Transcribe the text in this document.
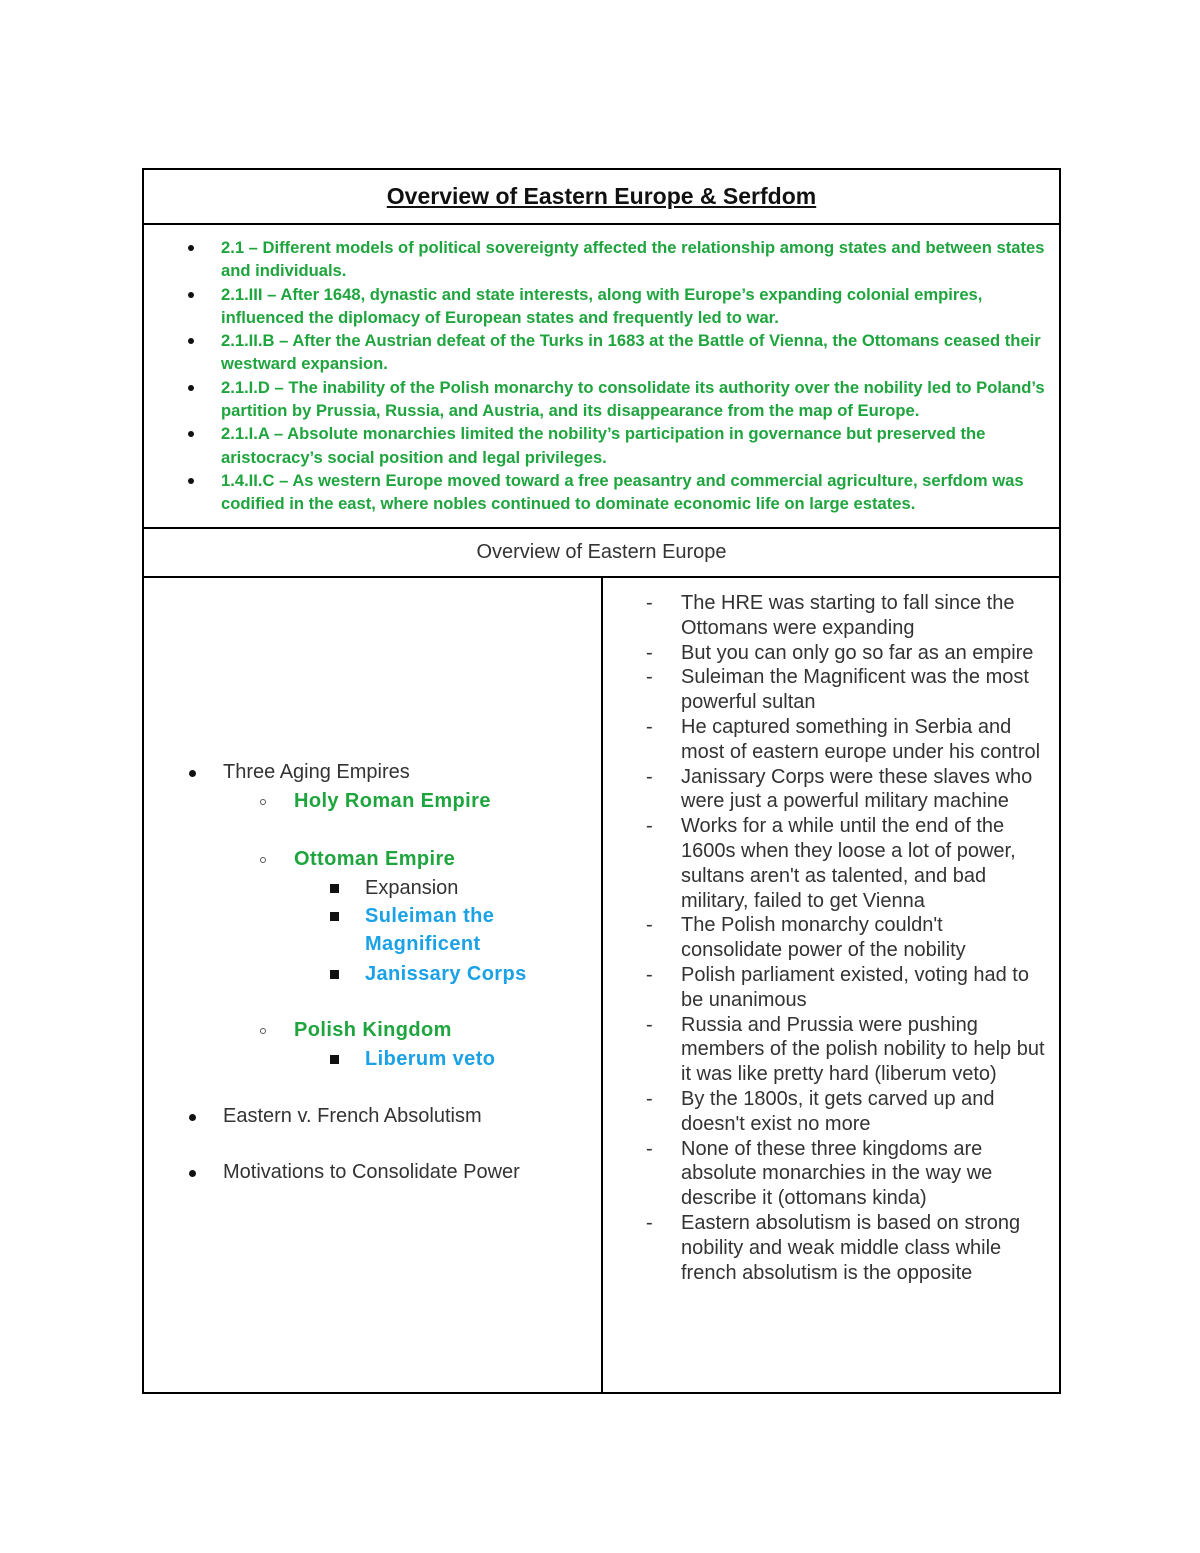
Overview of Eastern Europe & Serfdom
2.1 – Different models of political sovereignty affected the relationship among states and between states and individuals.
2.1.III – After 1648, dynastic and state interests, along with Europe’s expanding colonial empires, influenced the diplomacy of European states and frequently led to war.
2.1.II.B – After the Austrian defeat of the Turks in 1683 at the Battle of Vienna, the Ottomans ceased their westward expansion.
2.1.I.D – The inability of the Polish monarchy to consolidate its authority over the nobility led to Poland’s partition by Prussia, Russia, and Austria, and its disappearance from the map of Europe.
2.1.I.A – Absolute monarchies limited the nobility’s participation in governance but preserved the aristocracy’s social position and legal privileges.
1.4.II.C – As western Europe moved toward a free peasantry and commercial agriculture, serfdom was codified in the east, where nobles continued to dominate economic life on large estates.
Overview of Eastern Europe
Three Aging Empires
Holy Roman Empire
Ottoman Empire
Expansion
Suleiman the
Magnificent
Janissary Corps
Polish Kingdom
Liberum veto
Eastern v. French Absolutism
Motivations to Consolidate Power
- The HRE was starting to fall since the Ottomans were expanding
- But you can only go so far as an empire
- Suleiman the Magnificent was the most powerful sultan
- He captured something in Serbia and most of eastern europe under his control
- Janissary Corps were these slaves who were just a powerful military machine
- Works for a while until the end of the 1600s when they loose a lot of power, sultans aren't as talented, and bad military, failed to get Vienna
- The Polish monarchy couldn't consolidate power of the nobility
- Polish parliament existed, voting had to be unanimous
- Russia and Prussia were pushing members of the polish nobility to help but it was like pretty hard (liberum veto)
- By the 1800s, it gets carved up and doesn't exist no more
- None of these three kingdoms are absolute monarchies in the way we describe it (ottomans kinda)
- Eastern absolutism is based on strong nobility and weak middle class while french absolutism is the opposite
